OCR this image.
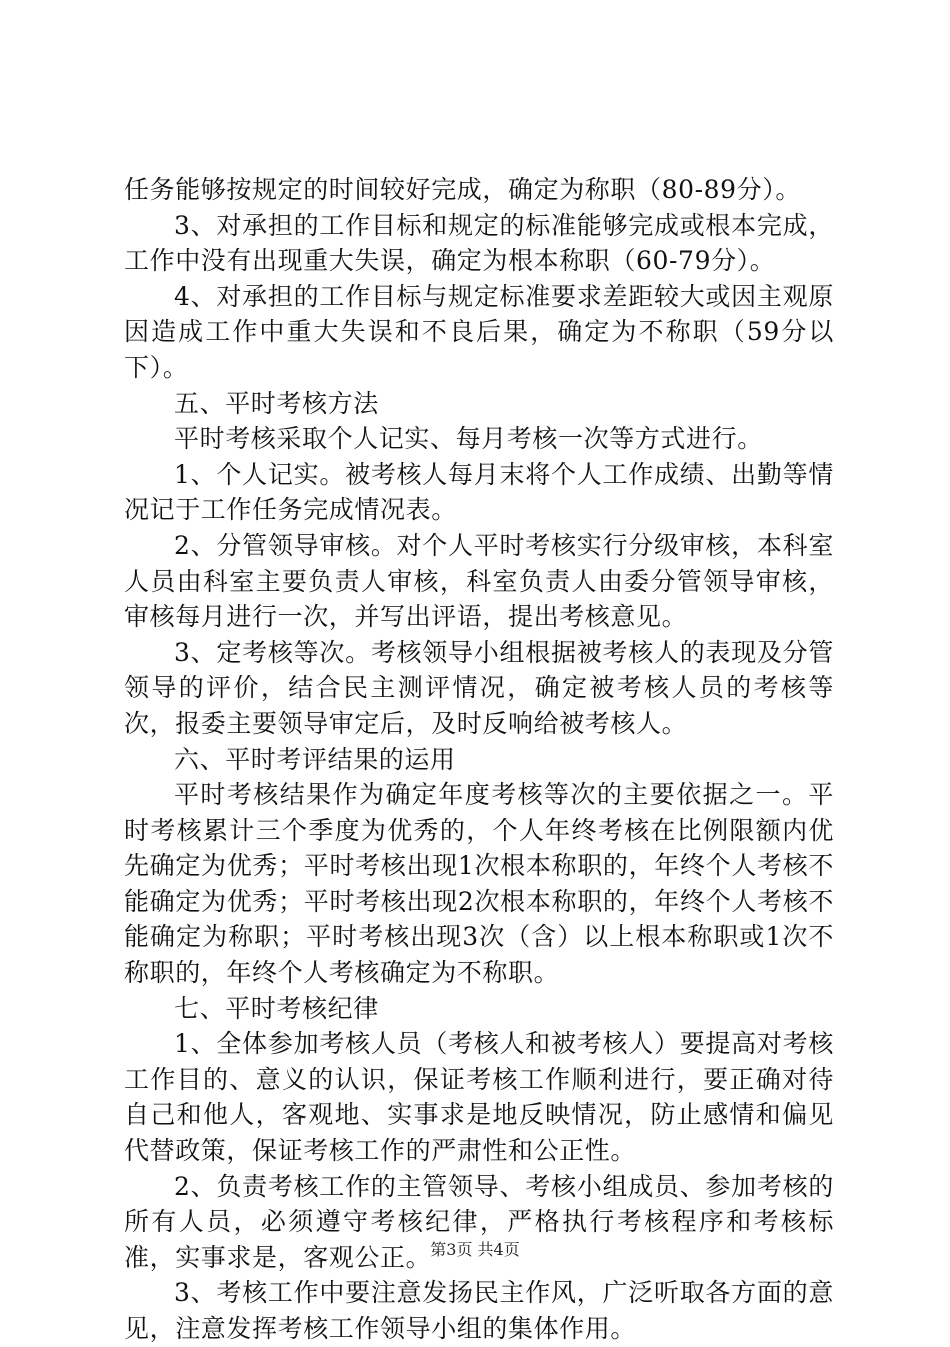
任务能够按规定的时间较好完成，确定为称职（80-89分）。

3、对承担的工作目标和规定的标准能够完成或根本完成，工作中没有出现重大失误，确定为根本称职（60-79分）。

4、对承担的工作目标与规定标准要求差距较大或因主观原因造成工作中重大失误和不良后果，确定为不称职（59分以下）。

五、平时考核方法

平时考核采取个人记实、每月考核一次等方式进行。

1、个人记实。被考核人每月末将个人工作成绩、出勤等情况记于工作任务完成情况表。

2、分管领导审核。对个人平时考核实行分级审核，本科室人员由科室主要负责人审核，科室负责人由委分管领导审核，审核每月进行一次，并写出评语，提出考核意见。

3、定考核等次。考核领导小组根据被考核人的表现及分管领导的评价，结合民主测评情况，确定被考核人员的考核等次，报委主要领导审定后，及时反响给被考核人。

六、平时考评结果的运用

平时考核结果作为确定年度考核等次的主要依据之一。平时考核累计三个季度为优秀的，个人年终考核在比例限额内优先确定为优秀；平时考核出现1次根本称职的，年终个人考核不能确定为优秀；平时考核出现2次根本称职的，年终个人考核不能确定为称职；平时考核出现3次（含）以上根本称职或1次不称职的，年终个人考核确定为不称职。

七、平时考核纪律

1、全体参加考核人员（考核人和被考核人）要提高对考核工作目的、意义的认识，保证考核工作顺利进行，要正确对待自己和他人，客观地、实事求是地反映情况，防止感情和偏见代替政策，保证考核工作的严肃性和公正性。

2、负责考核工作的主管领导、考核小组成员、参加考核的所有人员，必须遵守考核纪律，严格执行考核程序和考核标准，实事求是，客观公正。

3、考核工作中要注意发扬民主作风，广泛听取各方面的意见，注意发挥考核工作领导小组的集体作用。

第3页 共4页
